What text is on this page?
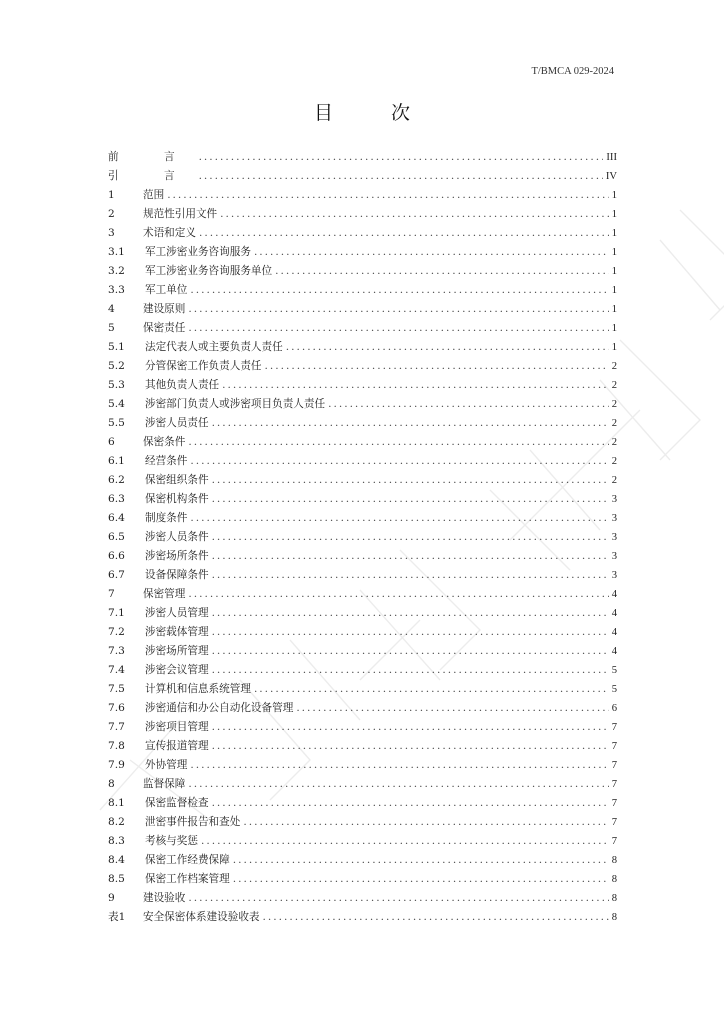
T/BMCA 029-2024
目 次
前 言 .....	III
引 言 .....	IV
1	范围 .....	1
2	规范性引用文件 .....	1
3	术语和定义 .....	1
3.1	军工涉密业务咨询服务 .....	1
3.2	军工涉密业务咨询服务单位 .....	1
3.3	军工单位 .....	1
4	建设原则 .....	1
5	保密责任 .....	1
5.1	法定代表人或主要负责人责任 .....	1
5.2	分管保密工作负责人责任 .....	2
5.3	其他负责人责任 .....	2
5.4	涉密部门负责人或涉密项目负责人责任 .....	2
5.5	涉密人员责任 .....	2
6	保密条件 .....	2
6.1	经营条件 .....	2
6.2	保密组织条件 .....	2
6.3	保密机构条件 .....	3
6.4	制度条件 .....	3
6.5	涉密人员条件 .....	3
6.6	涉密场所条件 .....	3
6.7	设备保障条件 .....	3
7	保密管理 .....	4
7.1	涉密人员管理 .....	4
7.2	涉密载体管理 .....	4
7.3	涉密场所管理 .....	4
7.4	涉密会议管理 .....	5
7.5	计算机和信息系统管理 .....	5
7.6	涉密通信和办公自动化设备管理 .....	6
7.7	涉密项目管理 .....	7
7.8	宣传报道管理 .....	7
7.9	外协管理 .....	7
8	监督保障 .....	7
8.1	保密监督检查 .....	7
8.2	泄密事件报告和查处 .....	7
8.3	考核与奖惩 .....	7
8.4	保密工作经费保障 .....	8
8.5	保密工作档案管理 .....	8
9	建设验收 .....	8
表1	安全保密体系建设验收表 .....	8
